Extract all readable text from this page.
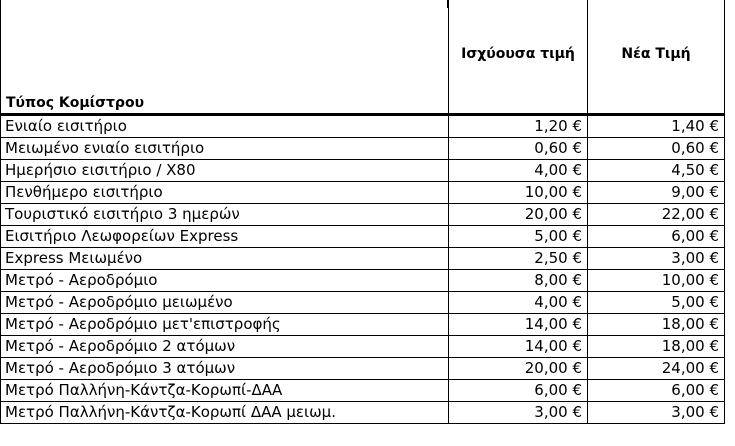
Τύπος Κομίστρου	Ισχύουσα τιμή	Νέα Τιμή
Ενιαίο εισιτήριο	1,20 €	1,40 €
Μειωμένο ενιαίο εισιτήριο	0,60 €	0,60 €
Ημερήσιο εισιτήριο / Χ80	4,00 €	4,50 €
Πενθήμερο εισιτήριο	10,00 €	9,00 €
Τουριστικό εισιτήριο 3 ημερών	20,00 €	22,00 €
Εισιτήριο Λεωφορείων Express	5,00 €	6,00 €
Express Μειωμένο	2,50 €	3,00 €
Μετρό - Αεροδρόμιο	8,00 €	10,00 €
Μετρό - Αεροδρόμιο μειωμένο	4,00 €	5,00 €
Μετρό - Αεροδρόμιο μετ'επιστροφής	14,00 €	18,00 €
Μετρό - Αεροδρόμιο 2 ατόμων	14,00 €	18,00 €
Μετρό - Αεροδρόμιο 3 ατόμων	20,00 €	24,00 €
Μετρό Παλλήνη-Κάντζα-Κορωπί-ΔΑΑ	6,00 €	6,00 €
Μετρό Παλλήνη-Κάντζα-Κορωπί ΔΑΑ μειωμ.	3,00 €	3,00 €
